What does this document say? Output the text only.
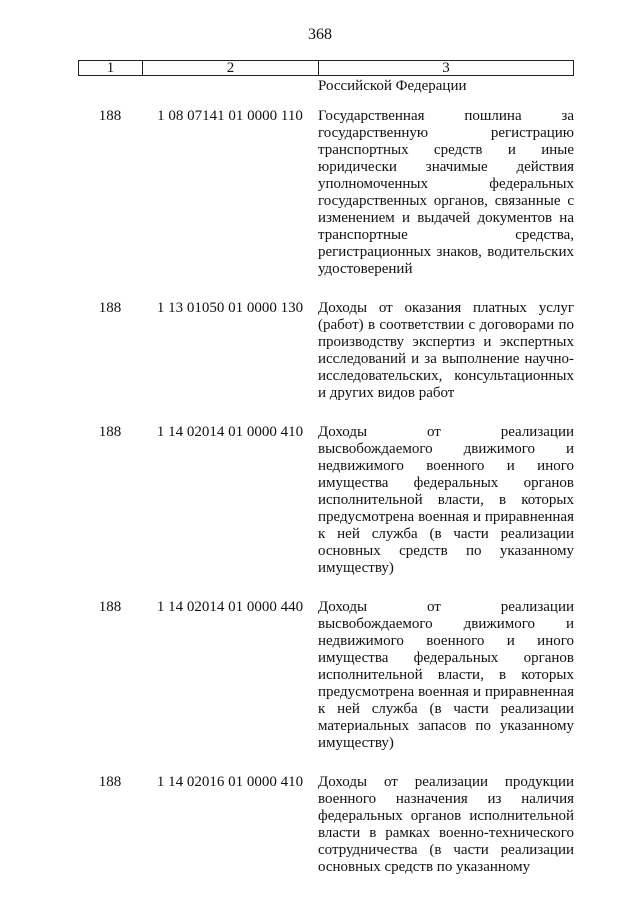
368
1	2	3
Российской Федерации
188	1 08 07141 01 0000 110	Государственная пошлина за государственную регистрацию транспортных средств и иные юридически значимые действия уполномоченных федеральных государственных органов, связанные с изменением и выдачей документов на транспортные средства, регистрационных знаков, водительских удостоверений
188	1 13 01050 01 0000 130 Доходы от оказания платных услуг (работ) в соответствии с договорами по производству экспертиз и экспертных исследований и за выполнение научно-исследовательских, консультационных и других видов работ
188	1 14 02014 01 0000 410 Доходы от реализации высвобождаемого движимого и недвижимого военного и иного имущества федеральных органов исполнительной власти, в которых предусмотрена военная и приравненная к ней служба (в части реализации основных средств по указанному имуществу)
188	1 14 02014 01 0000 440 Доходы от реализации высвобождаемого движимого и недвижимого военного и иного имущества федеральных органов исполнительной власти, в которых предусмотрена военная и приравненная к ней служба (в части реализации материальных запасов по указанному имуществу)
188	1 14 02016 01 0000 410 Доходы от реализации продукции военного назначения из наличия федеральных органов исполнительной власти в рамках военно-технического сотрудничества (в части реализации основных средств по указанному
